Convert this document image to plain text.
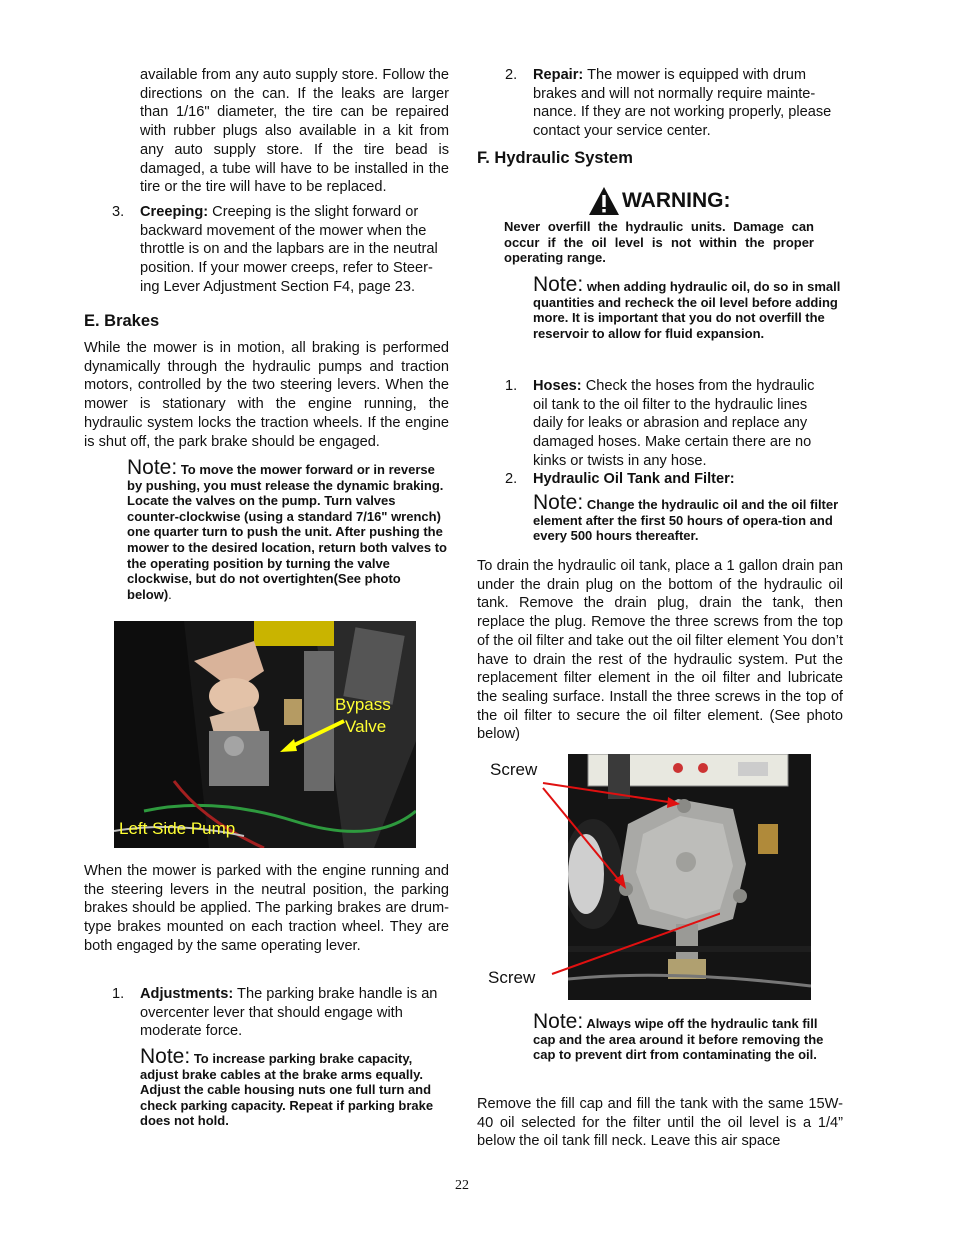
available from any auto supply store. Follow the directions on the can. If the leaks are larger than 1/16" diameter, the tire can be repaired with rubber plugs also available in a kit from any auto supply store. If the tire bead is damaged, a tube will have to be installed in the tire or the tire will have to be replaced.

3. Creeping: Creeping is the slight forward or backward movement of the mower when the throttle is on and the lapbars are in the neutral position. If your mower creeps, refer to Steer-ing Lever Adjustment Section F4, page 23.

E. Brakes

While the mower is in motion, all braking is performed dynamically through the hydraulic pumps and traction motors, controlled by the two steering levers. When the mower is stationary with the engine running, the hydraulic system locks the traction wheels. If the engine is shut off, the park brake should be engaged.

Note: To move the mower forward or in reverse by pushing, you must release the dynamic braking. Locate the valves on the pump. Turn valves counter-clockwise (using a standard 7/16" wrench) one quarter turn to push the unit. After pushing the mower to the desired location, return both valves to the operating position by turning the valve clockwise, but do not overtighten(See photo below).

Bypass
Valve
Left Side Pump

When the mower is parked with the engine running and the steering levers in the neutral position, the parking brakes should be applied. The parking brakes are drum-type brakes mounted on each traction wheel. They are both engaged by the same operating lever.

1. Adjustments: The parking brake handle is an overcenter lever that should engage with moderate force.

Note: To increase parking brake capacity, adjust brake cables at the brake arms equally. Adjust the cable housing nuts one full turn and check parking capacity. Repeat if parking brake does not hold.

2. Repair: The mower is equipped with drum brakes and will not normally require mainte-nance. If they are not working properly, please contact your service center.

F. Hydraulic System
WARNING:

Never overfill the hydraulic units. Damage can occur if the oil level is not within the proper operating range.

Note: when adding hydraulic oil, do so in small quantities and recheck the oil level before adding more. It is important that you do not overfill the reservoir to allow for fluid expansion.

1. Hoses: Check the hoses from the hydraulic oil tank to the oil filter to the hydraulic lines daily for leaks or abrasion and replace any damaged hoses. Make certain there are no kinks or twists in any hose.

2. Hydraulic Oil Tank and Filter:

Note: Change the hydraulic oil and the oil filter element after the first 50 hours of opera-tion and every 500 hours thereafter.

To drain the hydraulic oil tank, place a 1 gallon drain pan under the drain plug on the bottom of the hydraulic oil tank. Remove the drain plug, drain the tank, then replace the plug. Remove the three screws from the top of the oil filter and take out the oil filter element You don’t have to drain the rest of the hydraulic system. Put the replacement filter element in the oil filter and lubricate the sealing surface. Install the three screws in the top of the oil filter to secure the oil filter element. (See photo below)

Screw
Screw

Note: Always wipe off the hydraulic tank fill cap and the area around it before removing the cap to prevent dirt from contaminating the oil.

Remove the fill cap and fill the tank with the same 15W-40 oil selected for the filter until the oil level is a 1/4” below the oil tank fill neck. Leave this air space

22
